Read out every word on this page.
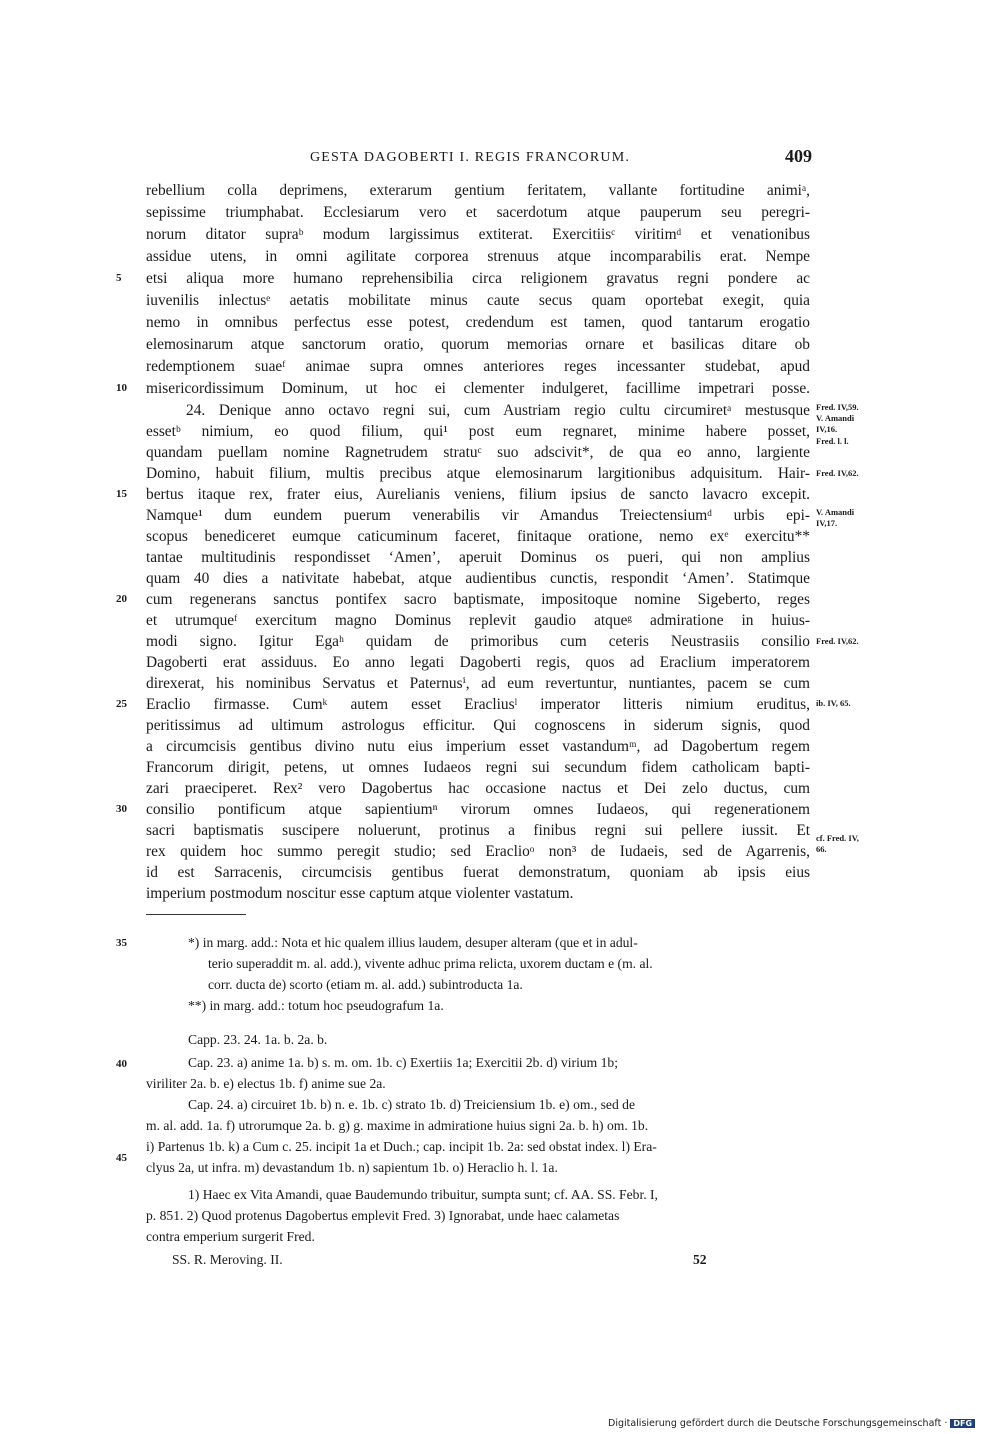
GESTA DAGOBERTI I. REGIS FRANCORUM.	409
rebellium colla deprimens, exterarum gentium feritatem, vallante fortitudine animiᵃ,
sepissime triumphabat. Ecclesiarum vero et sacerdotum atque pauperum seu peregri-
norum ditator supraᵇ modum largissimus extiterat. Exercitiisᶜ viritimᵈ et venationibus
assidue utens, in omni agilitate corporea strenuus atque incomparabilis erat. Nempe
etsi aliqua more humano reprehensibilia circa religionem gravatus regni pondere ac
iuvenilis inlectusᵉ aetatis mobilitate minus caute secus quam oportebat exegit, quia
nemo in omnibus perfectus esse potest, credendum est tamen, quod tantarum erogatio
elemosinarum atque sanctorum oratio, quorum memorias ornare et basilicas ditare ob
redemptionem suaeᶠ animae supra omnes anteriores reges incessanter studebat, apud
misericordissimum Dominum, ut hoc ei clementer indulgeret, facillime impetrari posse.
24. Denique anno octavo regni sui, cum Austriam regio cultu circumiretᵃ mestusque
essetᵇ nimium, eo quod filium, qui¹ post eum regnaret, minime habere posset,
quandam puellam nomine Ragnetrudem stratuᶜ suo adscivit*, de qua eo anno, largiente
Domino, habuit filium, multis precibus atque elemosinarum largitionibus adquisitum. Hair-
bertus itaque rex, frater eius, Aurelianis veniens, filium ipsius de sancto lavacro excepit.
Namque¹ dum eundem puerum venerabilis vir Amandus Treiectensiumᵈ urbis epi-
scopus benediceret eumque caticuminum faceret, finitaque oratione, nemo exᵉ exercitu**
tantae multitudinis respondisset ‘Amen’, aperuit Dominus os pueri, qui non amplius
quam 40 dies a nativitate habebat, atque audientibus cunctis, respondit ‘Amen’. Statimque
cum regenerans sanctus pontifex sacro baptismate, impositoque nomine Sigeberto, reges
et utrumqueᶠ exercitum magno Dominus replevit gaudio atqueᵍ admiratione in huius-
modi signo. Igitur Egaʰ quidam de primoribus cum ceteris Neustrasiis consilio
Dagoberti erat assiduus. Eo anno legati Dagoberti regis, quos ad Eraclium imperatorem
direxerat, his nominibus Servatus et Paternusⁱ, ad eum revertuntur, nuntiantes, pacem se cum
Eraclio firmasse. Cumᵏ autem esset Eracliusˡ imperator litteris nimium eruditus,
peritissimus ad ultimum astrologus efficitur. Qui cognoscens in siderum signis, quod
a circumcisis gentibus divino nutu eius imperium esset vastandumᵐ, ad Dagobertum regem
Francorum dirigit, petens, ut omnes Iudaeos regni sui secundum fidem catholicam bapti-
zari praeciperet. Rex² vero Dagobertus hac occasione nactus et Dei zelo ductus, cum
consilio pontificum atque sapientiumⁿ virorum omnes Iudaeos, qui regenerationem
sacri baptismatis suscipere noluerunt, protinus a finibus regni sui pellere iussit. Et
rex quidem hoc summo peregit studio; sed Eraclioᵒ non³ de Iudaeis, sed de Agarrenis,
id est Sarracenis, circumcisis gentibus fuerat demonstratum, quoniam ab ipsis eius
imperium postmodum noscitur esse captum atque violenter vastatum.
5
10
15
20
25
30
35
40
45
Fred. IV,59.
V. Amandi
IV,16.
Fred. l. l.
Fred. IV,62.
V. Amandi
IV,17.
Fred. IV,62.
ib. IV, 65.
cf. Fred. IV,
66.
*) in marg. add.: Nota et hic qualem illius laudem, desuper alteram (que et in adul-
terio superaddit m. al. add.), vivente adhuc prima relicta, uxorem ductam e (m. al.
corr. ducta de) scorto (etiam m. al. add.) subintroducta 1a.
**) in marg. add.: totum hoc pseudografum 1a.
Capp. 23. 24. 1a. b. 2a. b.
Cap. 23. a) anime 1a. b) s. m. om. 1b. c) Exertiis 1a; Exercitii 2b. d) virium 1b;
viriliter 2a. b. e) electus 1b. f) anime sue 2a.
Cap. 24. a) circuiret 1b. b) n. e. 1b. c) strato 1b. d) Treiciensium 1b. e) om., sed de
m. al. add. 1a. f) utrorumque 2a. b. g) g. maxime in admiratione huius signi 2a. b. h) om. 1b.
i) Partenus 1b. k) a Cum c. 25. incipit 1a et Duch.; cap. incipit 1b. 2a: sed obstat index. l) Era-
clyus 2a, ut infra. m) devastandum 1b. n) sapientum 1b. o) Heraclio h. l. 1a.
1) Haec ex Vita Amandi, quae Baudemundo tribuitur, sumpta sunt; cf. AA. SS. Febr. I,
p. 851. 2) Quod protenus Dagobertus emplevit Fred. 3) Ignorabat, unde haec calametas
contra emperium surgerit Fred.
SS. R. Meroving. II.	52
Digitalisierung gefördert durch die Deutsche Forschungsgemeinschaft · DFG
